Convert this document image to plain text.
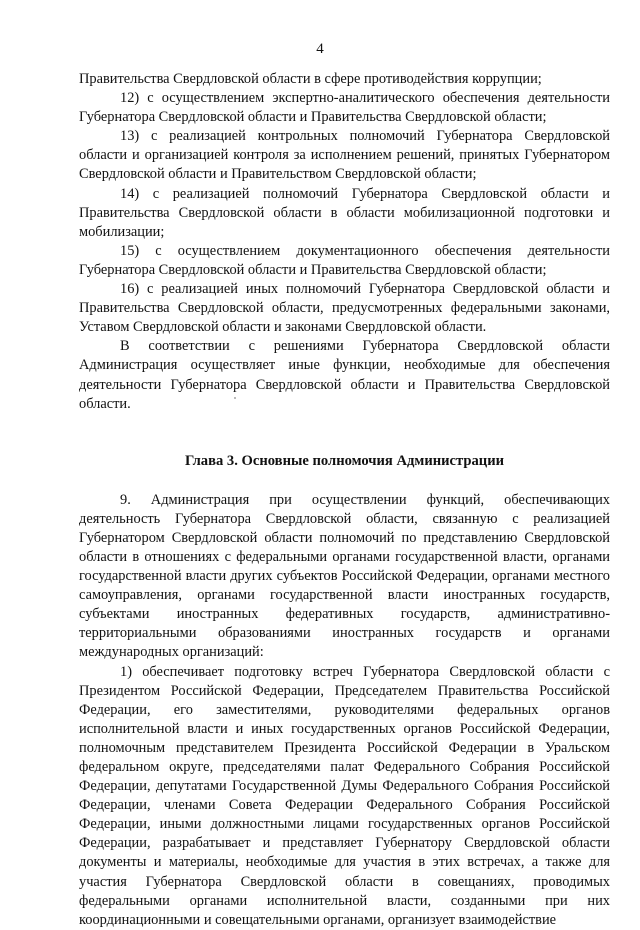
4

Правительства Свердловской области в сфере противодействия коррупции;

12) с осуществлением экспертно-аналитического обеспечения деятельности Губернатора Свердловской области и Правительства Свердловской области;

13) с реализацией контрольных полномочий Губернатора Свердловской области и организацией контроля за исполнением решений, принятых Губернатором Свердловской области и Правительством Свердловской области;

14) с реализацией полномочий Губернатора Свердловской области и Правительства Свердловской области в области мобилизационной подготовки и мобилизации;

15) с осуществлением документационного обеспечения деятельности Губернатора Свердловской области и Правительства Свердловской области;

16) с реализацией иных полномочий Губернатора Свердловской области и Правительства Свердловской области, предусмотренных федеральными законами, Уставом Свердловской области и законами Свердловской области.

В соответствии с решениями Губернатора Свердловской области Администрация осуществляет иные функции, необходимые для обеспечения деятельности Губернатора Свердловской области и Правительства Свердловской области.

Глава 3. Основные полномочия Администрации

9. Администрация при осуществлении функций, обеспечивающих деятельность Губернатора Свердловской области, связанную с реализацией Губернатором Свердловской области полномочий по представлению Свердловской области в отношениях с федеральными органами государственной власти, органами государственной власти других субъектов Российской Федерации, органами местного самоуправления, органами государственной власти иностранных государств, субъектами иностранных федеративных государств, административно-территориальными образованиями иностранных государств и органами международных организаций:

1) обеспечивает подготовку встреч Губернатора Свердловской области с Президентом Российской Федерации, Председателем Правительства Российской Федерации, его заместителями, руководителями федеральных органов исполнительной власти и иных государственных органов Российской Федерации, полномочным представителем Президента Российской Федерации в Уральском федеральном округе, председателями палат Федерального Собрания Российской Федерации, депутатами Государственной Думы Федерального Собрания Российской Федерации, членами Совета Федерации Федерального Собрания Российской Федерации, иными должностными лицами государственных органов Российской Федерации, разрабатывает и представляет Губернатору Свердловской области документы и материалы, необходимые для участия в этих встречах, а также для участия Губернатора Свердловской области в совещаниях, проводимых федеральными органами исполнительной власти, созданными при них координационными и совещательными органами, организует взаимодействие
